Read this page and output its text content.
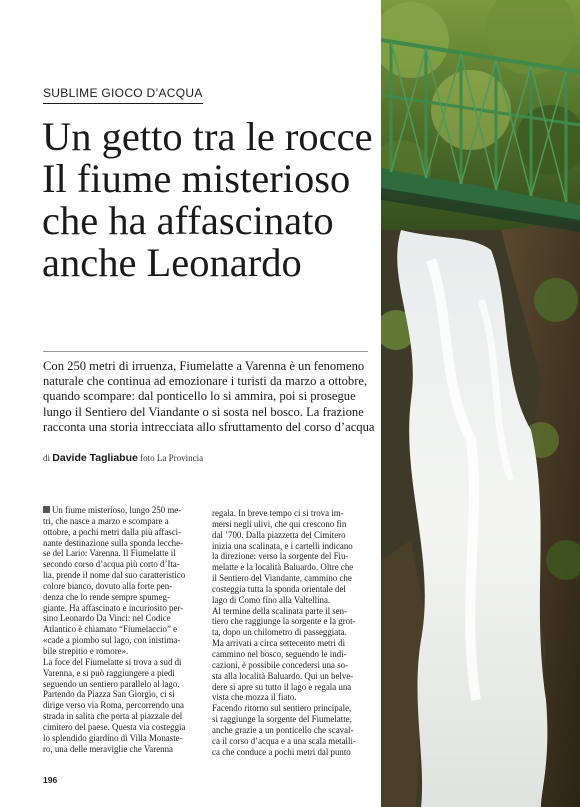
SUBLIME GIOCO D’ACQUA
Un getto tra le rocce
Il fiume misterioso
che ha affascinato
anche Leonardo
Con 250 metri di irruenza, Fiumelatte a Varenna è un fenomeno
naturale che continua ad emozionare i turisti da marzo a ottobre,
quando scompare: dal ponticello lo si ammira, poi si prosegue
lungo il Sentiero del Viandante o si sosta nel bosco. La frazione
racconta una storia intrecciata allo sfruttamento del corso d’acqua
di Davide Tagliabue foto La Provincia
Un fiume misterioso, lungo 250 me-
tri, che nasce a marzo e scompare a
ottobre, a pochi metri dalla più affasci-
nante destinazione sulla sponda lecche-
se del Lario: Varenna. Il Fiumelatte il
secondo corso d’acqua più corto d’Ita-
lia, prende il nome dal suo caratteristico
colore bianco, dovuto alla forte pen-
denza che lo rende sempre spumeg-
giante. Ha affascinato e incuriosito per-
sino Leonardo Da Vinci: nel Codice
Atlantico è chiamato “Fiumelaccio” e
«cade a piombo sul lago, con inistima-
bile strepitio e romore».
La foce del Fiumelatte si trova a sud di
Varenna, e si può raggiungere a piedi
seguendo un sentiero parallelo al lago.
Partendo da Piazza San Giorgio, ci si
dirige verso via Roma, percorrendo una
strada in salita che porta al piazzale del
cimitero del paese. Questa via costeggia
lo splendido giardino di Villa Monaste-
ro, una delle meraviglie che Varenna
regala. In breve tempo ci si trova im-
mersi negli ulivi, che qui crescono fin
dal ’700. Dalla piazzetta del Cimitero
inizia una scalinata, e i cartelli indicano
la direzione: verso la sorgente del Fiu-
melatte e la località Baluardo. Oltre che
il Sentiero del Viandante, cammino che
costeggia tutta la sponda orientale del
lago di Como fino alla Valtellina.
Al termine della scalinata parte il sen-
tiero che raggiunge la sorgente e la grot-
ta, dopo un chilometro di passeggiata.
Ma arrivati a circa settecento metri di
cammino nel bosco, seguendo le indi-
cazioni, è possibile concedersi una so-
sta alla località Baluardo. Qui un belve-
dere si apre su tutto il lago e regala una
vista che mozza il fiato.
Facendo ritorno sul sentiero principale,
si raggiunge la sorgente del Fiumelatte,
anche grazie a un ponticello che scaval-
ca il corso d’acqua e a una scala metalli-
ca che conduce a pochi metri dal punto
196
